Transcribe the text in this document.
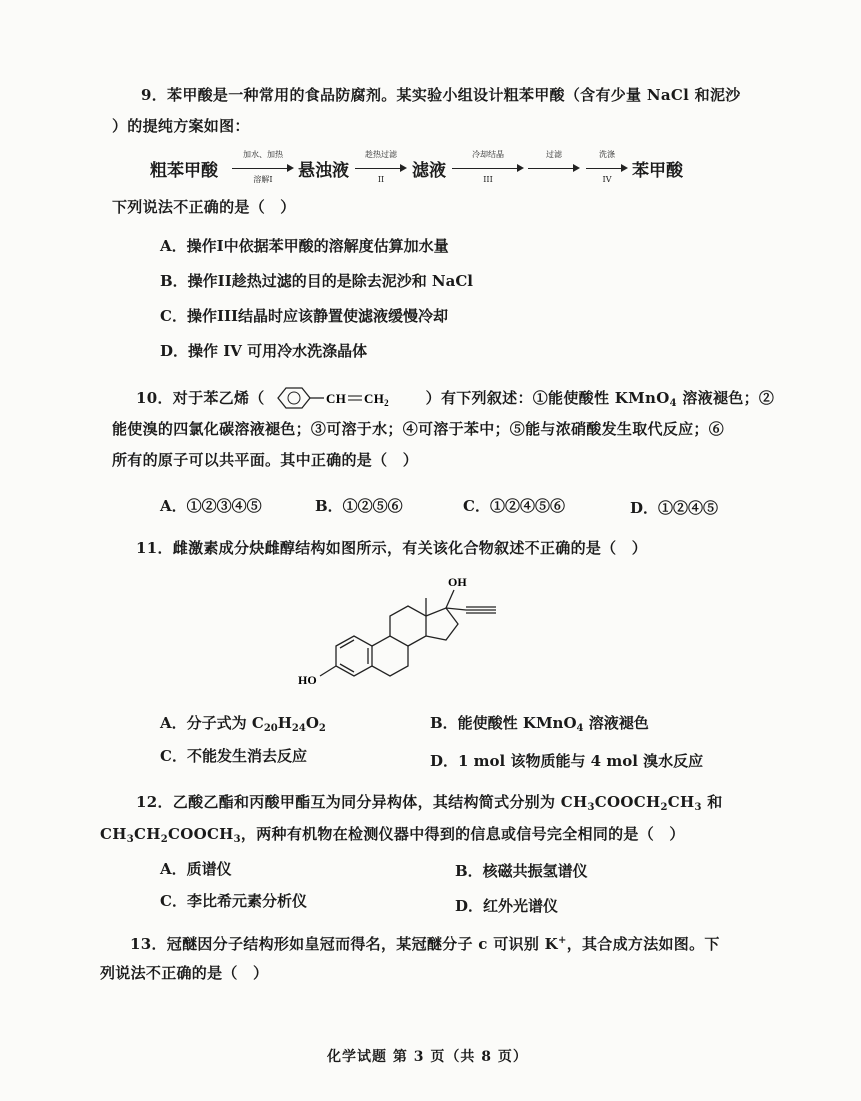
9．苯甲酸是一种常用的食品防腐剂。某实验小组设计粗苯甲酸（含有少量 NaCl 和泥沙
）的提纯方案如图：
粗苯甲酸
加水、加热
溶解I	悬浊液
趁热过滤
II	滤液
冷却结晶
III
过滤	洗涤
IV	苯甲酸
下列说法不正确的是（　）
A．操作I中依据苯甲酸的溶解度估算加水量
B．操作II趁热过滤的目的是除去泥沙和 NaCl
C．操作III结晶时应该静置使滤液缓慢冷却
D．操作 IV 可用冷水洗涤晶体
10．对于苯乙烯（	CH $CH_2$ ）有下列叙述：①能使酸性 KMnO$_4$ 溶液褪色；②
能使溴的四氯化碳溶液褪色；③可溶于水；④可溶于苯中；⑤能与浓硝酸发生取代反应；⑥
所有的原子可以共平面。其中正确的是（　）
A．①②③④⑤	B．①②⑤⑥	C．①②④⑤⑥	D．①②④⑤
11．雌激素成分炔雌醇结构如图所示，有关该化合物叙述不正确的是（　）
OH
HO
A．分子式为 $C_{20}H_{24}O_2$	B．能使酸性 KMnO$_4$ 溶液褪色
C．不能发生消去反应	D．1 mol 该物质能与 4 mol 溴水反应
12．乙酸乙酯和丙酸甲酯互为同分异构体，其结构简式分别为 $CH_3COOCH_2CH_3$ 和
$CH_3CH_2COOCH_3$，两种有机物在检测仪器中得到的信息或信号完全相同的是（　）
A．质谱仪	B．核磁共振氢谱仪
C．李比希元素分析仪	D．红外光谱仪
13．冠醚因分子结构形如皇冠而得名，某冠醚分子 c 可识别 K+，其合成方法如图。下
列说法不正确的是（　）
化学试题 第 3 页（共 8 页）
